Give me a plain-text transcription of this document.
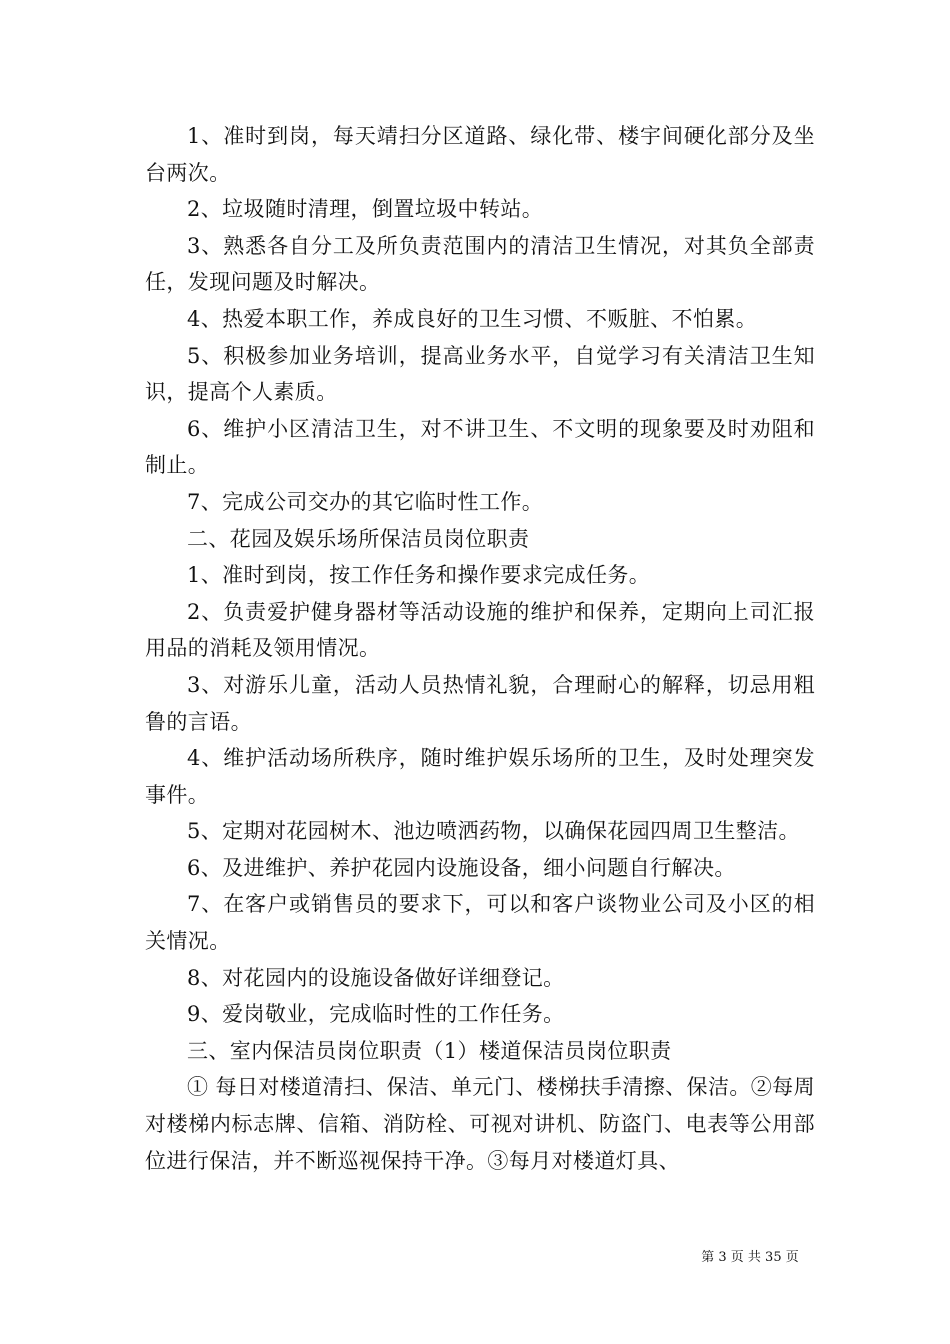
1、准时到岗，每天靖扫分区道路、绿化带、楼宇间硬化部分及坐台两次。

2、垃圾随时清理，倒置垃圾中转站。

3、熟悉各自分工及所负责范围内的清洁卫生情况，对其负全部责任，发现问题及时解决。

4、热爱本职工作，养成良好的卫生习惯、不贩脏、不怕累。

5、积极参加业务培训，提高业务水平，自觉学习有关清洁卫生知识，提高个人素质。

6、维护小区清洁卫生，对不讲卫生、不文明的现象要及时劝阻和制止。

7、完成公司交办的其它临时性工作。

二、花园及娱乐场所保洁员岗位职责

1、准时到岗，按工作任务和操作要求完成任务。

2、负责爱护健身器材等活动设施的维护和保养，定期向上司汇报用品的消耗及领用情况。

3、对游乐儿童，活动人员热情礼貌，合理耐心的解释，切忌用粗鲁的言语。

4、维护活动场所秩序，随时维护娱乐场所的卫生，及时处理突发事件。

5、定期对花园树木、池边喷洒药物，以确保花园四周卫生整洁。

6、及进维护、养护花园内设施设备，细小问题自行解决。

7、在客户或销售员的要求下，可以和客户谈物业公司及小区的相关情况。

8、对花园内的设施设备做好详细登记。

9、爱岗敬业，完成临时性的工作任务。

三、室内保洁员岗位职责（1）楼道保洁员岗位职责

① 每日对楼道清扫、保洁、单元门、楼梯扶手清擦、保洁。②每周对楼梯内标志牌、信箱、消防栓、可视对讲机、防盗门、电表等公用部位进行保洁，并不断巡视保持干净。③每月对楼道灯具、

第 3 页 共 35 页
